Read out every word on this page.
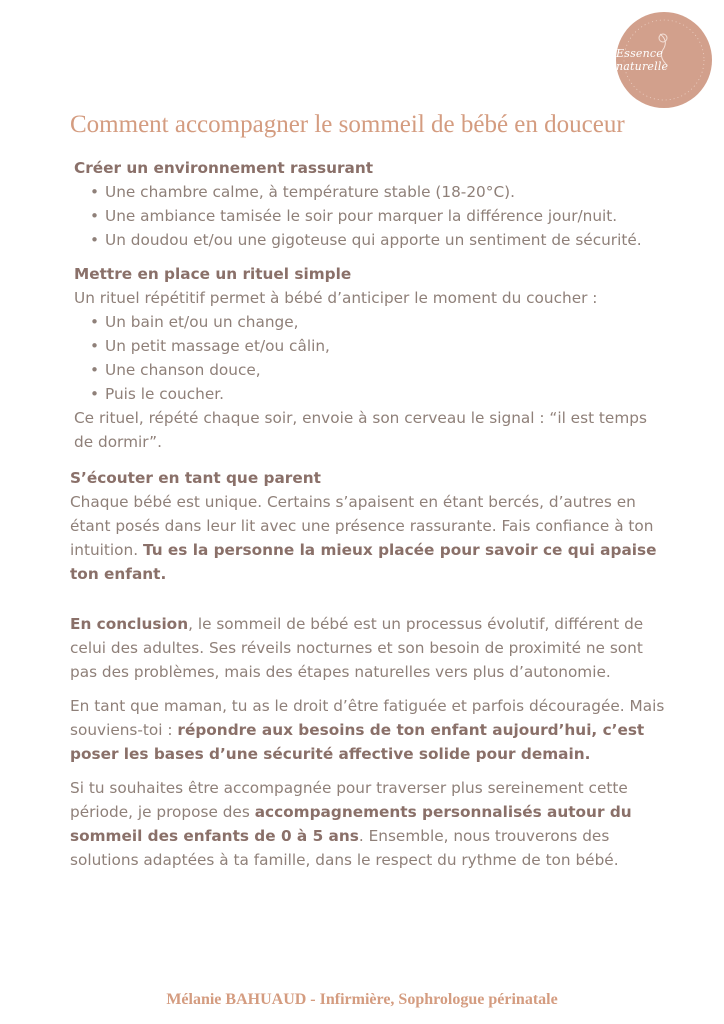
Essence naturelle
Comment accompagner le sommeil de bébé en douceur

Créer un environnement rassurant

• Une chambre calme, à température stable (18-20°C).
• Une ambiance tamisée le soir pour marquer la différence jour/nuit.
• Un doudou et/ou une gigoteuse qui apporte un sentiment de sécurité.

Mettre en place un rituel simple

Un rituel répétitif permet à bébé d’anticiper le moment du coucher :

• Un bain et/ou un change,
• Un petit massage et/ou câlin,
• Une chanson douce,
• Puis le coucher.

Ce rituel, répété chaque soir, envoie à son cerveau le signal : “il est temps de dormir”.

S’écouter en tant que parent

Chaque bébé est unique. Certains s’apaisent en étant bercés, d’autres en étant posés dans leur lit avec une présence rassurante. Fais confiance à ton intuition. Tu es la personne la mieux placée pour savoir ce qui apaise ton enfant.

En conclusion, le sommeil de bébé est un processus évolutif, différent de celui des adultes. Ses réveils nocturnes et son besoin de proximité ne sont pas des problèmes, mais des étapes naturelles vers plus d’autonomie.

En tant que maman, tu as le droit d’être fatiguée et parfois découragée. Mais souviens-toi : répondre aux besoins de ton enfant aujourd’hui, c’est poser les bases d’une sécurité affective solide pour demain.

Si tu souhaites être accompagnée pour traverser plus sereinement cette période, je propose des accompagnements personnalisés autour du sommeil des enfants de 0 à 5 ans. Ensemble, nous trouverons des solutions adaptées à ta famille, dans le respect du rythme de ton bébé.

Mélanie BAHUAUD - Infirmière, Sophrologue périnatale
